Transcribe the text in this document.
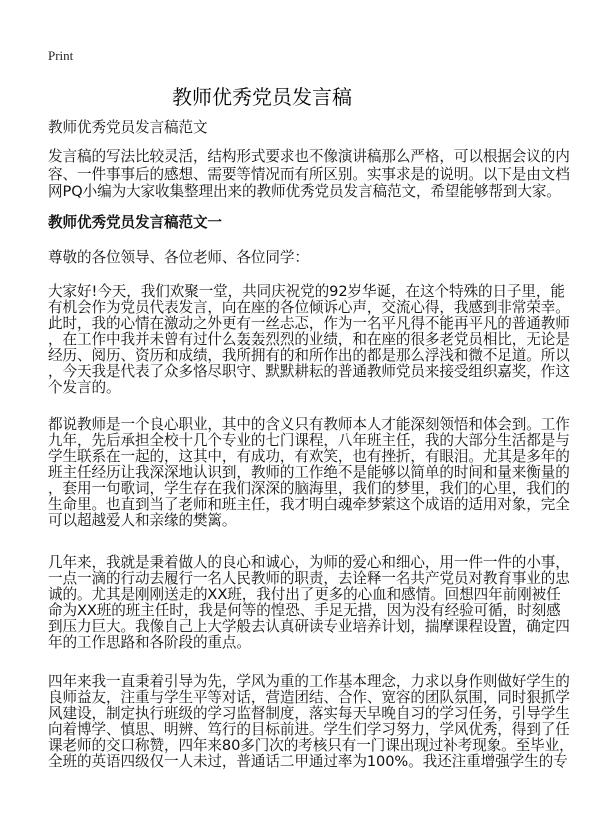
Print
教师优秀党员发言稿
教师优秀党员发言稿范文
发言稿的写法比较灵活，结构形式要求也不像演讲稿那么严格，可以根据会议的内
容、一件事事后的感想、需要等情况而有所区别。实事求是的说明。以下是由文档
网PQ小编为大家收集整理出来的教师优秀党员发言稿范文，希望能够帮到大家。
教师优秀党员发言稿范文一
尊敬的各位领导、各位老师、各位同学：
大家好!今天，我们欢聚一堂，共同庆祝党的92岁华诞，在这个特殊的日子里，能
有机会作为党员代表发言，向在座的各位倾诉心声，交流心得，我感到非常荣幸。
此时，我的心情在激动之外更有一丝忐忑，作为一名平凡得不能再平凡的普通教师
，在工作中我并未曾有过什么轰轰烈烈的业绩，和在座的很多老党员相比，无论是
经历、阅历、资历和成绩，我所拥有的和所作出的都是那么浮浅和微不足道。所以
，今天我是代表了众多恪尽职守、默默耕耘的普通教师党员来接受组织嘉奖，作这
个发言的。
都说教师是一个良心职业，其中的含义只有教师本人才能深刻领悟和体会到。工作
九年，先后承担全校十几个专业的七门课程，八年班主任，我的大部分生活都是与
学生联系在一起的，这其中，有成功，有欢笑，也有挫折，有眼泪。尤其是多年的
班主任经历让我深深地认识到，教师的工作绝不是能够以简单的时间和量来衡量的
，套用一句歌词，学生存在我们深深的脑海里，我们的梦里，我们的心里，我们的
生命里。也直到当了老师和班主任，我才明白魂牵梦萦这个成语的适用对象，完全
可以超越爱人和亲缘的樊篱。
几年来，我就是秉着做人的良心和诚心，为师的爱心和细心，用一件一件的小事，
一点一滴的行动去履行一名人民教师的职责，去诠释一名共产党员对教育事业的忠
诚的。尤其是刚刚送走的XX班，我付出了更多的心血和感情。回想四年前刚被任
命为XX班的班主任时，我是何等的惶恐、手足无措，因为没有经验可循，时刻感
到压力巨大。我像自己上大学般去认真研读专业培养计划，揣摩课程设置，确定四
年的工作思路和各阶段的重点。
四年来我一直秉着引导为先，学风为重的工作基本理念，力求以身作则做好学生的
良师益友，注重与学生平等对话，营造团结、合作、宽容的团队氛围，同时狠抓学
风建设，制定执行班级的学习监督制度，落实每天早晚自习的学习任务，引导学生
向着博学、慎思、明辨、笃行的目标前进。学生们学习努力，学风优秀，得到了任
课老师的交口称赞，四年来80多门次的考核只有一门课出现过补考现象。至毕业，
全班的英语四级仅一人未过，普通话二甲通过率为100%。我还注重增强学生的专
